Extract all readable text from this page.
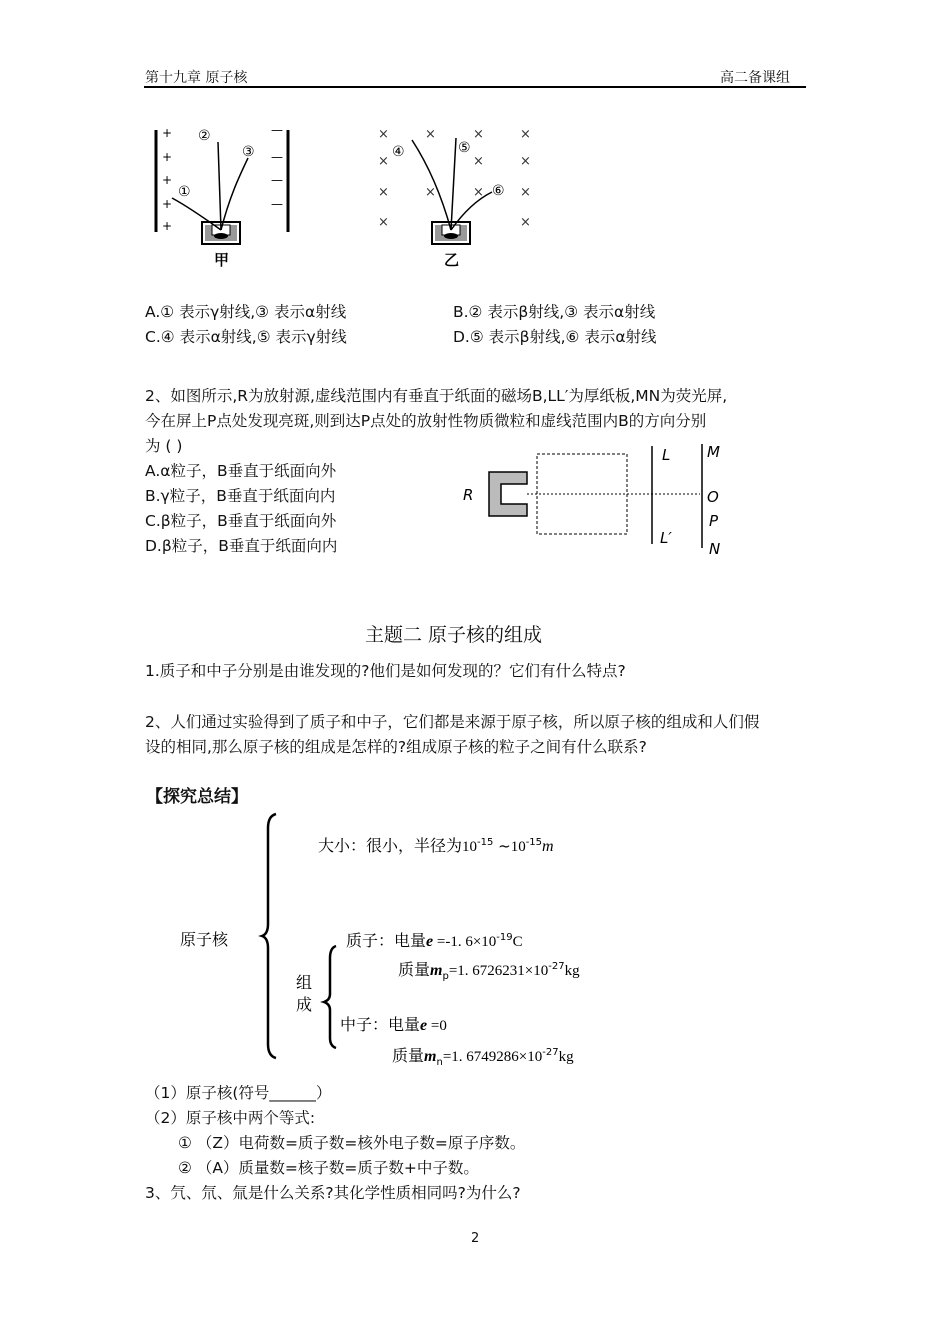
第十九章 原子核	高二备课组
+
+
+
+
+
—
—
—
—
①
②
③
甲
×	×	×	×
×	×	×
×	×	×	×
×	×
④	⑤
⑥
乙
A.① 表示γ射线,③ 表示α射线	B.② 表示β射线,③ 表示α射线
C.④ 表示α射线,⑤ 表示γ射线	D.⑤ 表示β射线,⑥ 表示α射线
2、如图所示,R为放射源,虚线范围内有垂直于纸面的磁场B,LL′为厚纸板,MN为荧光屏,
今在屏上P点处发现亮斑,则到达P点处的放射性物质微粒和虚线范围内B的方向分别
为 ( )
A.α粒子，B垂直于纸面向外
B.γ粒子，B垂直于纸面向内
C.β粒子，B垂直于纸面向外
D.β粒子，B垂直于纸面向内
R
L
L′
M
O
P
N
主题二 原子核的组成
1.质子和中子分别是由谁发现的?他们是如何发现的？它们有什么特点?
2、人们通过实验得到了质子和中子，它们都是来源于原子核，所以原子核的组成和人们假
设的相同,那么原子核的组成是怎样的?组成原子核的粒子之间有什么联系?
【探究总结】
原子核
大小：很小，半径为$10^{-15}$ $\sim 10^{-15}m$
组
成
质子：电量e =-1. $6\times 10^{-19}C$
质量$m_p=1$. $6726231\times 10^{-27}kg$
中子：电量e =0
质量$m_n=1$. $6749286\times 10^{-27}kg$
（1）原子核(符号______）
（2）原子核中两个等式:
① （Z）电荷数=质子数=核外电子数=原子序数。
② （A）质量数=核子数=质子数+中子数。
3、氕、氘、氚是什么关系?其化学性质相同吗?为什么?
2
